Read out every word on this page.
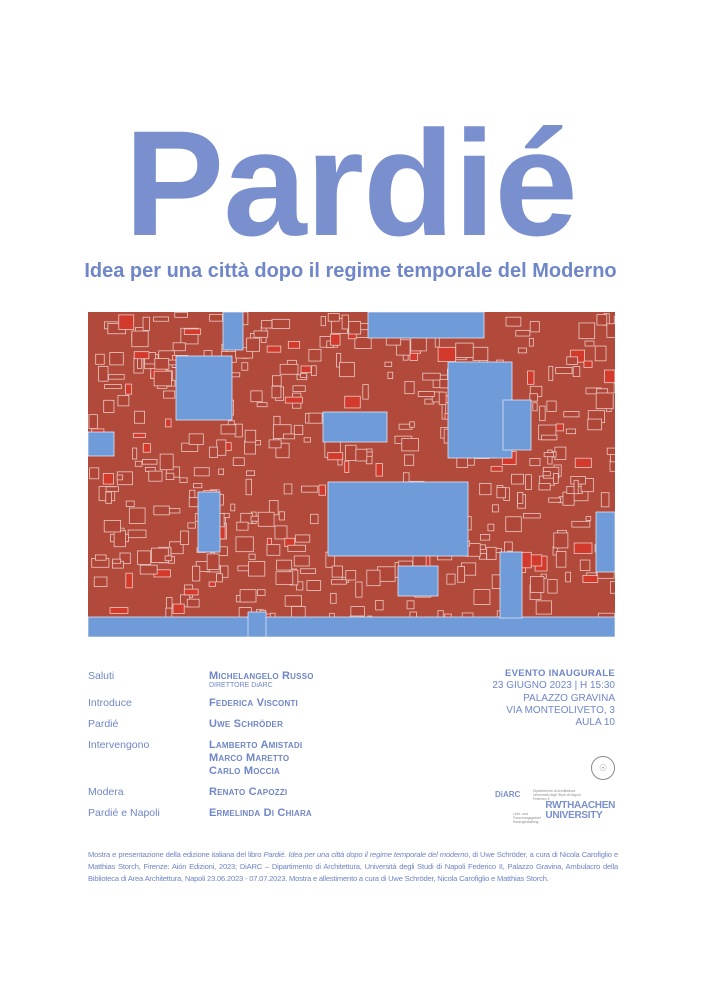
Pardié
Idea per una città dopo il regime temporale del Moderno
Saluti	Michelangelo Russo
DIRETTORE DiARC
Introduce	Federica Visconti
Pardié	Uwe Schröder
Intervengono	Lamberto Amistadi
Marco Maretto
Carlo Moccia
Modera	Renato Capozzi
Pardié e Napoli	Ermelinda Di Chiara
EVENTO INAUGURALE
23 GIUGNO 2023 | H 15:30
PALAZZO GRAVINA
VIA MONTEOLIVETO, 3
AULA 10
☉
DiARC	Dipartimento di Architettura Università degli Studi di Napoli Federico II
Lehr- und Forschungsgebiet Raumgestaltung
RWTHAACHEN
UNIVERSITY

Mostra e presentazione della edizione italiana del libro Pardié. Idea per una città dopo il regime temporale del moderno, di Uwe Schröder, a cura di Nicola Carofiglio e Matthias Storch, Firenze: Aión Edizioni, 2023; DiARC – Dipartimento di Architettura, Università degli Studi di Napoli Federico II, Palazzo Gravina, Ambulacro della Biblioteca di Area Architettura, Napoli 23.06.2023 - 07.07.2023. Mostra e allestimento a cura di Uwe Schröder, Nicola Carofiglio e Matthias Storch.
